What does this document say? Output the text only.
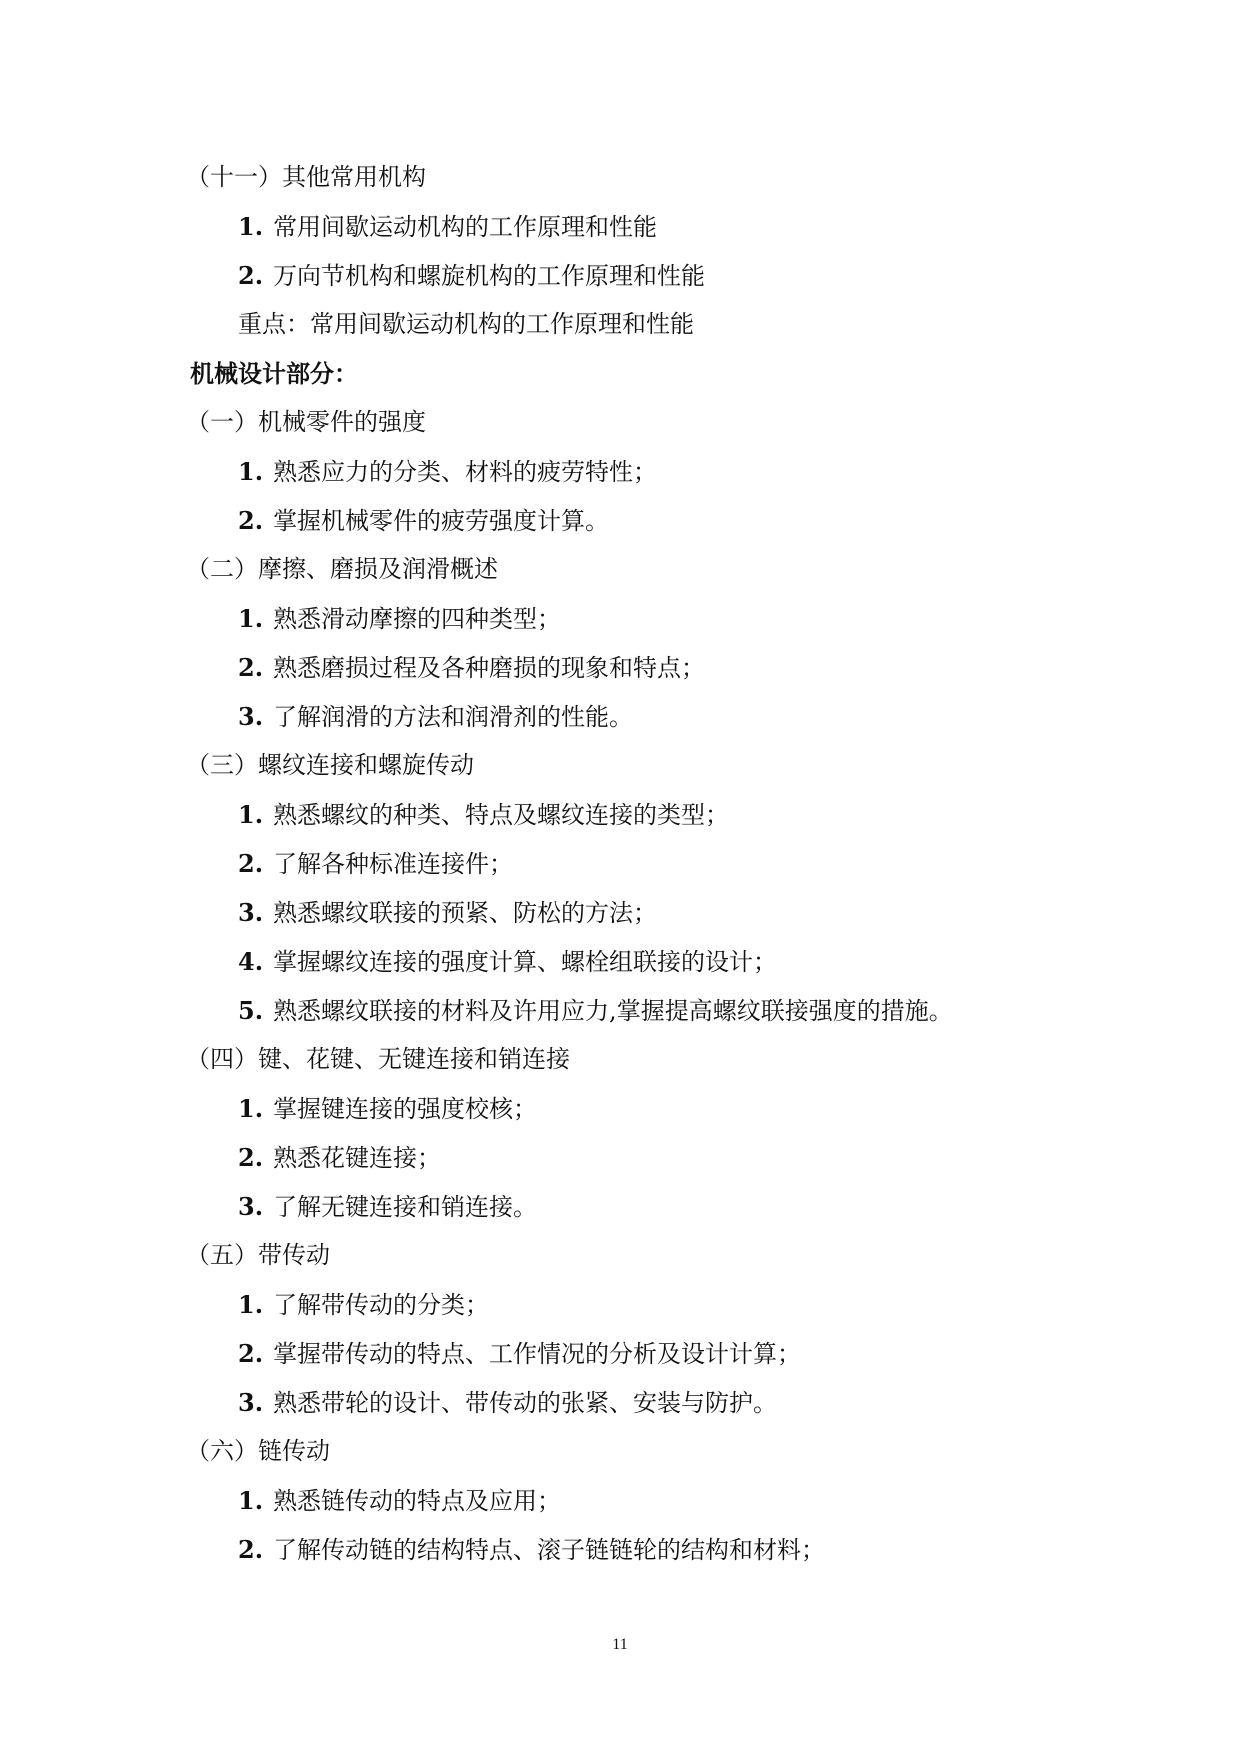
（十一）其他常用机构
1. 常用间歇运动机构的工作原理和性能
2. 万向节机构和螺旋机构的工作原理和性能
重点：常用间歇运动机构的工作原理和性能
机械设计部分：
（一）机械零件的强度
1. 熟悉应力的分类、材料的疲劳特性；
2. 掌握机械零件的疲劳强度计算。
（二）摩擦、磨损及润滑概述
1. 熟悉滑动摩擦的四种类型；
2. 熟悉磨损过程及各种磨损的现象和特点；
3. 了解润滑的方法和润滑剂的性能。
（三）螺纹连接和螺旋传动
1. 熟悉螺纹的种类、特点及螺纹连接的类型；
2. 了解各种标准连接件；
3. 熟悉螺纹联接的预紧、防松的方法；
4. 掌握螺纹连接的强度计算、螺栓组联接的设计；
5. 熟悉螺纹联接的材料及许用应力,掌握提高螺纹联接强度的措施。
（四）键、花键、无键连接和销连接
1. 掌握键连接的强度校核；
2. 熟悉花键连接；
3. 了解无键连接和销连接。
（五）带传动
1. 了解带传动的分类；
2. 掌握带传动的特点、工作情况的分析及设计计算；
3. 熟悉带轮的设计、带传动的张紧、安装与防护。
（六）链传动
1. 熟悉链传动的特点及应用；
2. 了解传动链的结构特点、滚子链链轮的结构和材料；
11
